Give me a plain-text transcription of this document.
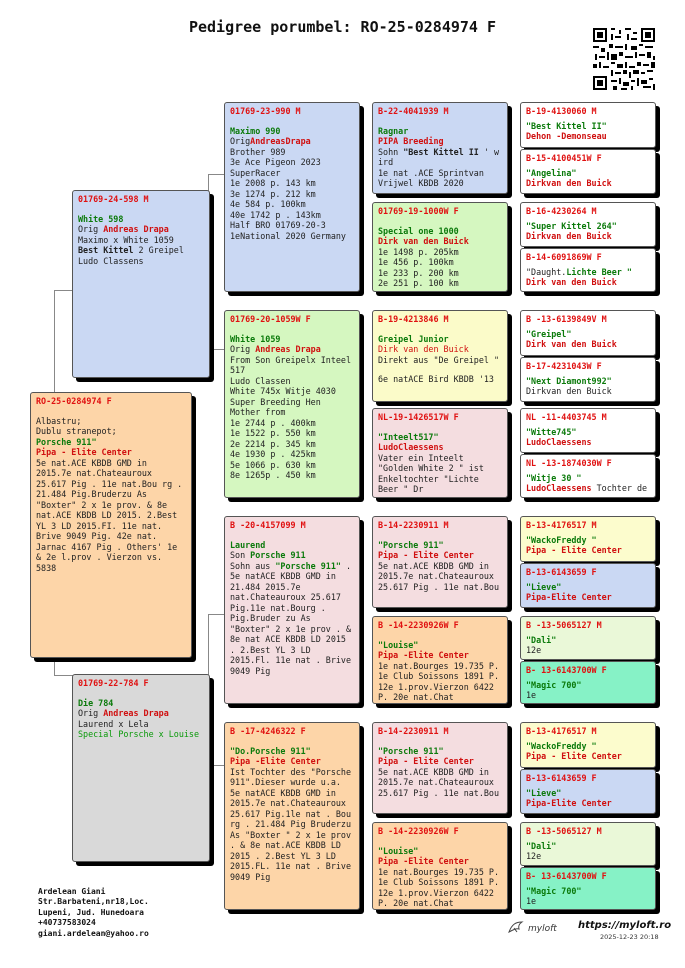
Pedigree porumbel: RO-25-0284974 F
RO-25-0284974 F
Albastru;
Dublu stranepot;
Porsche 911"
Pipa - Elite Center
5e nat.ACE KBDB GMD in 2015.7e nat.Chateauroux 25.617 Pig . 11e nat.Bou rg . 21.484 Pig.Bruderzu As "Boxter" 2 x 1e prov. & 8e nat.ACE KBDB LD 2015. 2.Best YL 3 LD 2015.FI. 11e nat. Brive 9049 Pig. 42e nat. Jarnac 4167 Pig . Others' 1e & 2e l.prov . Vierzon vs. 5838
01769-24-598 M
White 598
Orig Andreas Drapa
Maximo x White 1059
Best Kittel 2 Greipel
Ludo Classens
01769-22-784 F
Die 784
Orig Andreas Drapa
Laurend x Lela
Special Porsche x Louise
01769-23-990 M
Maximo 990
OrigAndreasDrapa
Brother 989
3e Ace Pigeon 2023
SuperRacer
1e 2008 p. 143 km
3e 1274 p. 212 km
4e 584 p. 100km
40e 1742 p . 143km
Half BRO 01769-20-3
1eNational 2020 Germany
01769-20-1059W F
White 1059
Orig Andreas Drapa
From Son Greipelx Inteel 517
Ludo Classen
White 745x Witje 4030
Super Breeding Hen
Mother from
1e 2744 p . 400km
1e 1522 p. 550 km
2e 2214 p. 345 km
4e 1930 p . 425km
5e 1066 p. 630 km
8e 1265p . 450 km
B -20-4157099 M
Laurend
Son Porsche 911
Sohn aus "Porsche 911" .
5e natACE KBDB GMD in 21.484 2015.7e nat.Chateauroux 25.617 Pig.11e nat.Bourg . Pig.Bruder zu As "Boxter" 2 x 1e prov . & 8e nat ACE KBDB LD 2015 . 2.Best YL 3 LD 2015.Fl. 11e nat . Brive 9049 Pig
B -17-4246322 F
"Do.Porsche 911"
Pipa -Elite Center
Ist Tochter des "Porsche 911".Dieser wurde u.a. 5e natACE KBDB GMD in 2015.7e nat.Chateauroux 25.617 Pig.1le nat . Bou rg . 21.484 Pig Bruderzu As "Boxter " 2 x 1e prov . & 8e nat.ACE KBDB LD 2015 . 2.Best YL 3 LD 2015.FL. 11e nat . Brive 9049 Pig
B-22-4041939 M
Ragnar
PIPA Breeding
Sohn "Best Kittel II ' w ird
1e nat .ACE Sprintvan
Vrijwel KBDB 2020
01769-19-1000W F
Special one 1000
Dirk van den Buick
1e 1498 p. 205km
1e 456 p. 100km
1e 233 p. 200 km
2e 251 p. 100 km
B-19-4213846 M
Greipel Junior
Dirk van den Buick
Direkt aus "De Greipel "
6e natACE Bird KBDB '13
NL-19-1426517W F
"Inteelt517"
LudoClaessens
Vater ein Inteelt "Golden White 2 " ist Enkeltochter "Lichte Beer " Dr
B-14-2230911 M
"Porsche 911"
Pipa - Elite Center
5e nat.ACE KBDB GMD in
2015.7e nat.Chateauroux
25.617 Pig . 11e nat.Bou
B -14-2230926W F
"Louise"
Pipa -Elite Center
1e nat.Bourges 19.735 P.
1e Club Soissons 1891 P.
12e 1.prov.Vierzon 6422
P. 20e nat.Chat
B-14-2230911 M
"Porsche 911"
Pipa - Elite Center
5e nat.ACE KBDB GMD in
2015.7e nat.Chateauroux
25.617 Pig . 11e nat.Bou
B -14-2230926W F
"Louise"
Pipa -Elite Center
1e nat.Bourges 19.735 P.
1e Club Soissons 1891 P.
12e 1.prov.Vierzon 6422
P. 20e nat.Chat
B-19-4130060 M
"Best Kittel II"
Dehon -Demonseau
B-15-4100451W F
"Angelina"
Dirkvan den Buick
B-16-4230264 M
"Super Kittel 264"
Dirkvan den Buick
B-14-6091869W F
"Daught.Lichte Beer "
Dirk van den Buick
B -13-6139849V M
"Greipel"
Dirk van den Buick
B-17-4231043W F
"Next Diamont992"
Dirkvan den Buick
NL -11-4403745 M
"Witte745"
LudoClaessens
NL -13-1874030W F
"Witje 30 "
LudoClaessens Tochter de
B-13-4176517 M
"WackoFreddy "
Pipa - Elite Center
B-13-6143659 F
"Lieve"
Pipa-Elite Center
B -13-5065127 M
"Dali"
12e
B- 13-6143700W F
"Magic 700"
1e
B-13-4176517 M
"WackoFreddy "
Pipa - Elite Center
B-13-6143659 F
"Lieve"
Pipa-Elite Center
B -13-5065127 M
"Dali"
12e
B- 13-6143700W F
"Magic 700"
1e
Ardelean Giani
Str.Barbateni,nr18,Loc.
Lupeni, Jud. Hunedoara
+40737583024
giani.ardelean@yahoo.ro	myloft https://myloft.ro
2025-12-23 20:18
